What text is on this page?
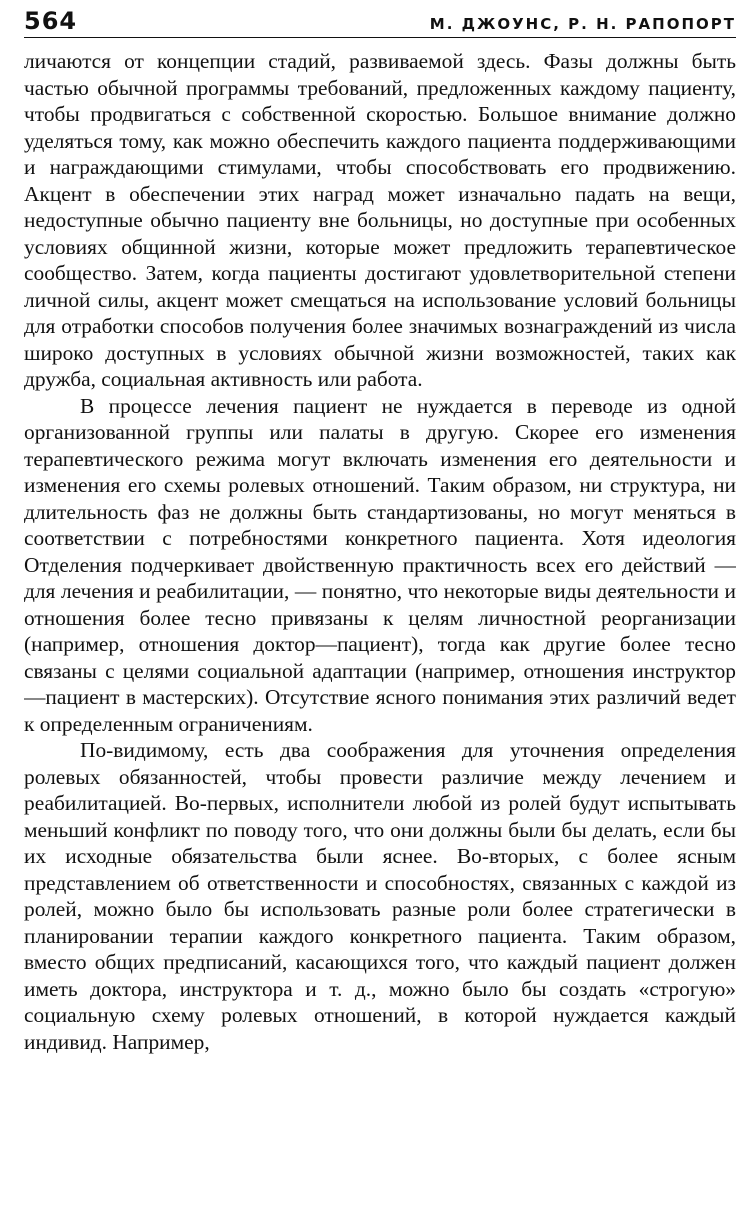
564	М. ДЖОУНС, Р. Н. РАПОПОРТ

личаются от концепции стадий, развиваемой здесь. Фазы должны быть частью обычной программы требований, предложенных каждому пациенту, чтобы продвигаться с собственной скоростью. Большое внимание должно уделяться тому, как можно обеспечить каждого пациента поддерживающими и награждающими стимулами, чтобы способствовать его продвижению. Акцент в обеспечении этих наград может изначально падать на вещи, недоступные обычно пациенту вне больницы, но доступные при особенных условиях общинной жизни, которые может предложить терапевтическое сообщество. Затем, когда пациенты достигают удовлетворительной степени личной силы, акцент может смещаться на использование условий больницы для отработки способов получения более значимых вознаграждений из числа широко доступных в условиях обычной жизни возможностей, таких как дружба, социальная активность или работа.

В процессе лечения пациент не нуждается в переводе из одной организованной группы или палаты в другую. Скорее его изменения терапевтического режима могут включать изменения его деятельности и изменения его схемы ролевых отношений. Таким образом, ни структура, ни длительность фаз не должны быть стандартизованы, но могут меняться в соответствии с потребностями конкретного пациента. Хотя идеология Отделения подчеркивает двойственную практичность всех его действий — для лечения и реабилитации, — понятно, что некоторые виды деятельности и отношения более тесно привязаны к целям личностной реорганизации (например, отношения доктор—пациент), тогда как другие более тесно связаны с целями социальной адаптации (например, отношения инструктор—пациент в мастерских). Отсутствие ясного понимания этих различий ведет к определенным ограничениям.

По-видимому, есть два соображения для уточнения определения ролевых обязанностей, чтобы провести различие между лечением и реабилитацией. Во-первых, исполнители любой из ролей будут испытывать меньший конфликт по поводу того, что они должны были бы делать, если бы их исходные обязательства были яснее. Во-вторых, с более ясным представлением об ответственности и способностях, связанных с каждой из ролей, можно было бы использовать разные роли более стратегически в планировании терапии каждого конкретного пациента. Таким образом, вместо общих предписаний, касающихся того, что каждый пациент должен иметь доктора, инструктора и т. д., можно было бы создать «строгую» социальную схему ролевых отношений, в которой нуждается каждый индивид. Например,
